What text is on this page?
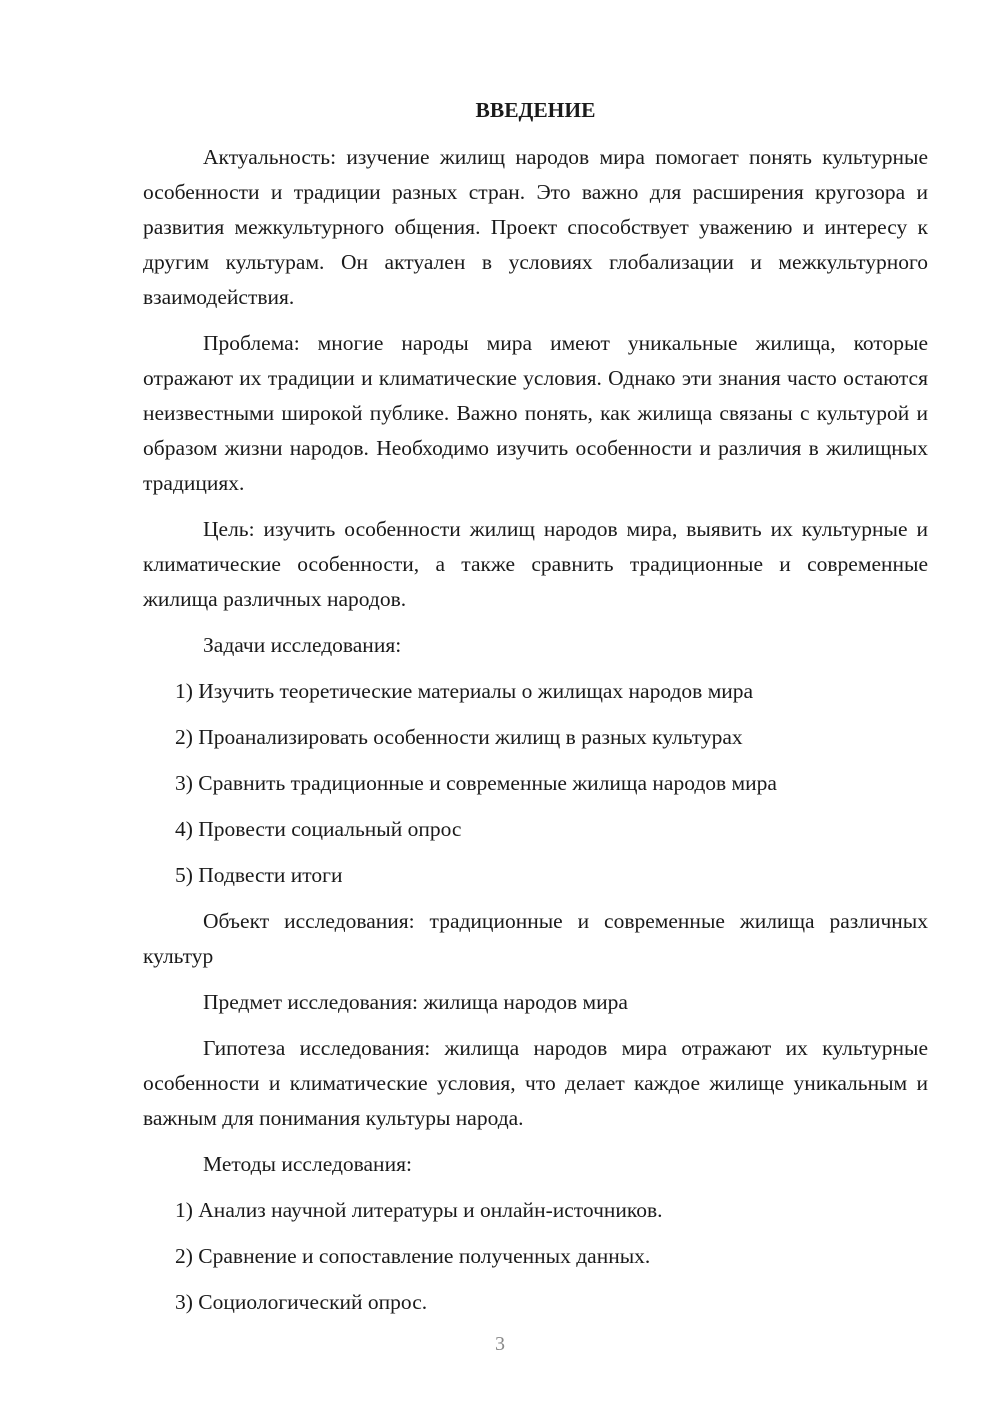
ВВЕДЕНИЕ

Актуальность: изучение жилищ народов мира помогает понять культурные особенности и традиции разных стран. Это важно для расширения кругозора и развития межкультурного общения. Проект способствует уважению и интересу к другим культурам. Он актуален в условиях глобализации и межкультурного взаимодействия.

Проблема: многие народы мира имеют уникальные жилища, которые отражают их традиции и климатические условия. Однако эти знания часто остаются неизвестными широкой публике. Важно понять, как жилища связаны с культурой и образом жизни народов. Необходимо изучить особенности и различия в жилищных традициях.

Цель: изучить особенности жилищ народов мира, выявить их культурные и климатические особенности, а также сравнить традиционные и современные жилища различных народов.

Задачи исследования:
1) Изучить теоретические материалы о жилищах народов мира
2) Проанализировать особенности жилищ в разных культурах
3) Сравнить традиционные и современные жилища народов мира
4) Провести социальный опрос
5) Подвести итоги

Объект исследования: традиционные и современные жилища различных культур

Предмет исследования: жилища народов мира

Гипотеза исследования: жилища народов мира отражают их культурные особенности и климатические условия, что делает каждое жилище уникальным и важным для понимания культуры народа.

Методы исследования:
1) Анализ научной литературы и онлайн-источников.
2) Сравнение и сопоставление полученных данных.
3) Социологический опрос.
3
